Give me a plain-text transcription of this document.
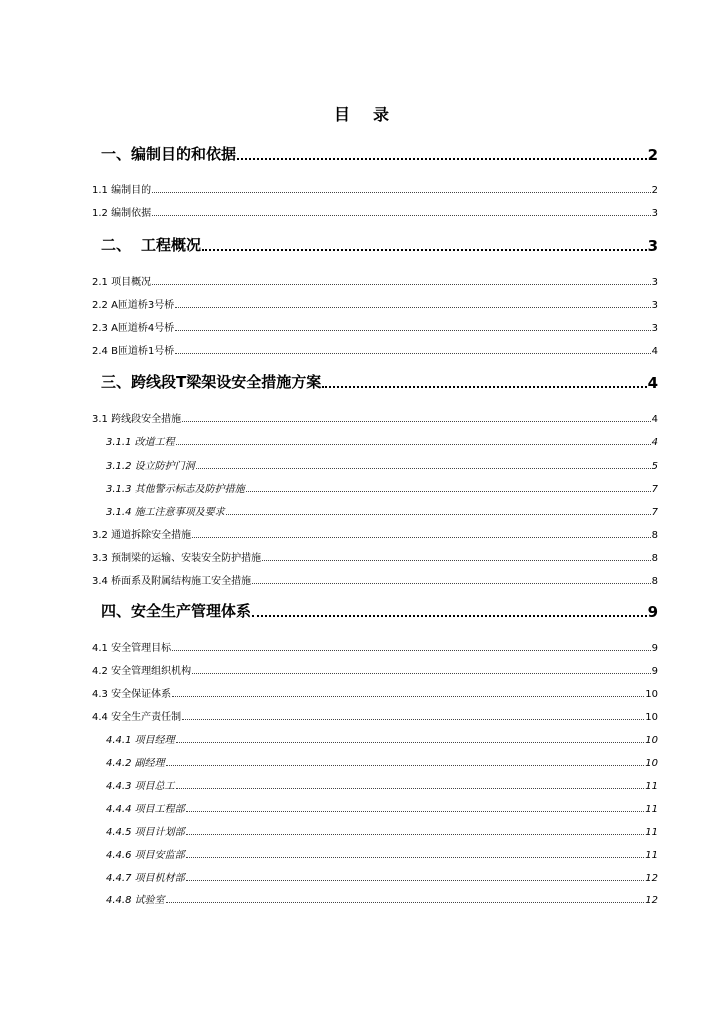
目 录
一、编制目的和依据	2
1.1 编制目的	2
1.2 编制依据	3
二、 工程概况	3
2.1 项目概况	3
2.2 A匝道桥3号桥	3
2.3 A匝道桥4号桥	3
2.4 B匝道桥1号桥	4
三、跨线段T梁架设安全措施方案	4
3.1 跨线段安全措施	4
3.1.1 改道工程	4
3.1.2 设立防护门洞	5
3.1.3 其他警示标志及防护措施	7
3.1.4 施工注意事项及要求	7
3.2 通道拆除安全措施	8
3.3 预制梁的运输、安装安全防护措施	8
3.4 桥面系及附属结构施工安全措施	8
四、安全生产管理体系	9
4.1 安全管理目标	9
4.2 安全管理组织机构	9
4.3 安全保证体系	10
4.4 安全生产责任制	10
4.4.1 项目经理	10
4.4.2 副经理	10
4.4.3 项目总工	11
4.4.4 项目工程部	11
4.4.5 项目计划部	11
4.4.6 项目安监部	11
4.4.7 项目机材部	12
4.4.8 试验室	12
